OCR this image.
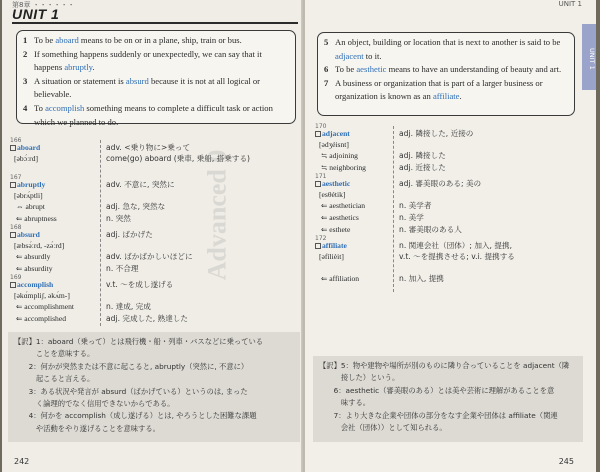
第8章 ・・・・・・
UNIT 1
Advanced 0
1 To be aboard means to be on or in a plane, ship, train or bus.
2 If something happens suddenly or unexpectedly, we can say that it happens abruptly.
3 A situation or statement is absurd because it is not at all logical or believable.
4 To accomplish something means to complete a difficult task or action which we planned to do.
166
aboard	adv. <乗り物に>乗って
come(go) aboard (乗車, 乗船, 搭乗する)
[əbɔ́ːrd]
167
abruptly	adv. 不意に, 突然に
[əbrʌ́ptli]
⇔ abrupt	adj. 急な, 突然な
⇐ abruptness	n. 突然
168
absurd	adj. ばかげた
[æbsə́ːrd, -zə́ːrd]
⇐ absurdly	adv. ばかばかしいほどに
⇐ absurdity	n. 不合理
169
accomplish	v.t. ～を成し遂げる
[əkɑ́mpliʃ, əkʌ́m-]
⇐ accomplishment	n. 達成, 完成
⇐ accomplished	adj. 完成した, 熟達した
【訳】1：aboard（乗って）とは飛行機・船・列車・バスなどに乗っている
　　　ことを意味する。
　　2：何かが突然または不意に起こると, abruptly（突然に, 不意に）
　　　起こると言える。
　　3：ある状況や発言が absurd（ばかげている）というのは, まった
　　　く論理的でなく信用できないからである。
　　4：何かを accomplish（成し遂げる）とは, やろうとした困難な課題
　　　や活動をやり遂げることを意味する。
242
UNIT 1
UNIT 1
5 An object, building or location that is next to another is said to be adjacent to it.
6 To be aesthetic means to have an understanding of beauty and art.
7 A business or organization that is part of a larger business or organization is known as an affiliate.
170
adjacent	adj. 隣接した, 近接の
[ədʒéisnt]
≒ adjoining	adj. 隣接した
≒ neighboring	adj. 近接した
171
aesthetic	adj. 審美眼のある; 美の
[esθétik]
⇐ aesthetician	n. 美学者
⇐ aesthetics	n. 美学
⇐ esthete	n. 審美眼のある人
172
affiliate	n. 関連会社（団体）; 加入, 提携,
v.t. ～を提携させる; v.i. 提携する
[əfílièit]
⇐ affiliation	n. 加入, 提携
【訳】5：物や建物や場所が別のものに隣り合っていることを adjacent（隣
　　　接した）という。
　　6：aesthetic（審美眼のある）とは美や芸術に理解があることを意
　　　味する。
　　7：より大きな企業や団体の部分をなす企業や団体は affiliate（関連
　　　会社（団体））として知られる。
245
